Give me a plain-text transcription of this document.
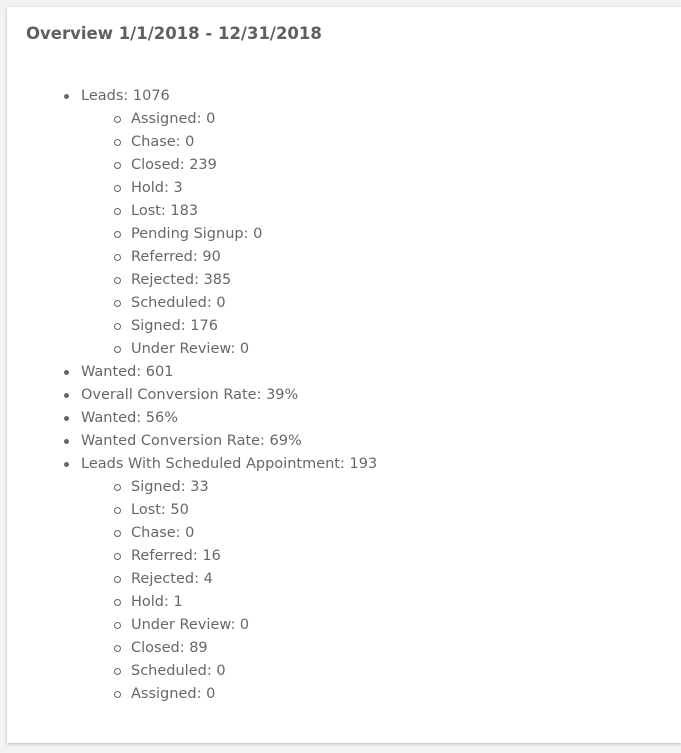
Overview 1/1/2018 - 12/31/2018
Leads: 1076
Assigned: 0
Chase: 0
Closed: 239
Hold: 3
Lost: 183
Pending Signup: 0
Referred: 90
Rejected: 385
Scheduled: 0
Signed: 176
Under Review: 0
Wanted: 601
Overall Conversion Rate: 39%
Wanted: 56%
Wanted Conversion Rate: 69%
Leads With Scheduled Appointment: 193
Signed: 33
Lost: 50
Chase: 0
Referred: 16
Rejected: 4
Hold: 1
Under Review: 0
Closed: 89
Scheduled: 0
Assigned: 0
